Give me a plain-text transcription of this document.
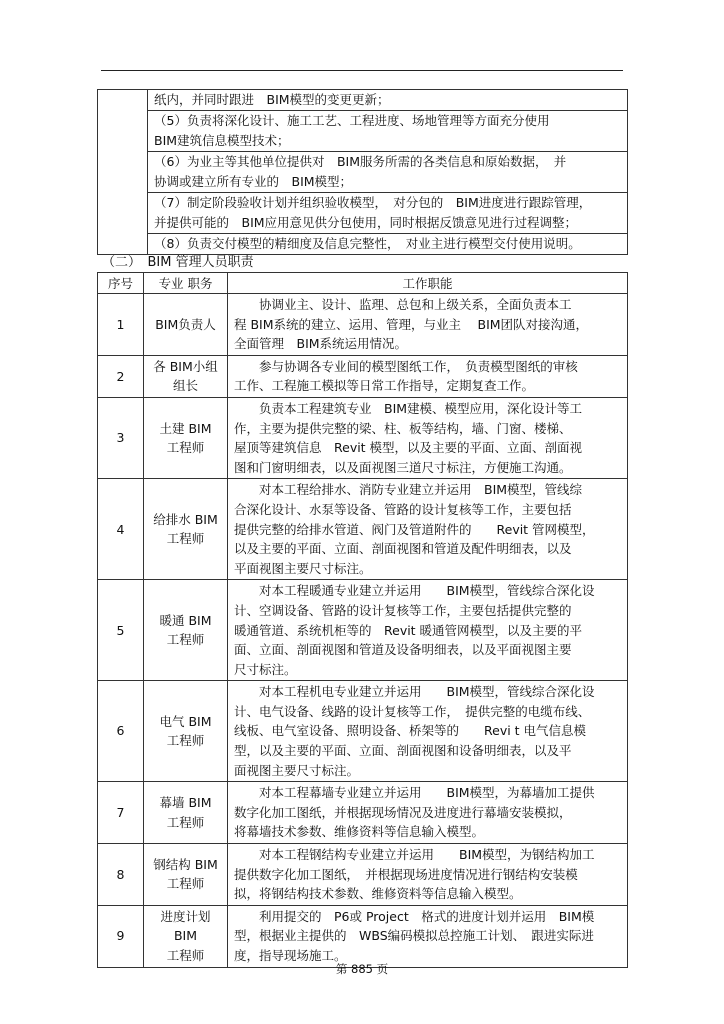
纸内，并同时跟进　BIM模型的变更更新；

（5）负责将深化设计、施工工艺、工程进度、场地管理等方面充分使用
BIM建筑信息模型技术；

（6）为业主等其他单位提供对　BIM服务所需的各类信息和原始数据，　并
协调或建立所有专业的　BIM模型；

（7）制定阶段验收计划并组织验收模型，　对分包的　BIM进度进行跟踪管理，
并提供可能的　BIM应用意见供分包使用，同时根据反馈意见进行过程调整；

（8）负责交付模型的精细度及信息完整性，　对业主进行模型交付使用说明。
（二）　BIM 管理人员职责
序号	专业 职务	工作职能
1	BIM负责人	协调业主、设计、监理、总包和上级关系，全面负责本工
程 BIM系统的建立、运用、管理，与业主　 BIM团队对接沟通，
全面管理　BIM系统运用情况。

2	各 BIM小组
组长	参与协调各专业间的模型图纸工作，　负责模型图纸的审核
工作、工程施工模拟等日常工作指导，定期复查工作。

3	土建 BIM
工程师	负责本工程建筑专业　BIM建模、模型应用，深化设计等工
作，主要为提供完整的梁、柱、板等结构，墙、门窗、楼梯、
屋顶等建筑信息　Revit 模型，以及主要的平面、立面、剖面视
图和门窗明细表，以及面视图三道尺寸标注，方便施工沟通。

4	给排水 BIM
工程师	对本工程给排水、消防专业建立并运用　BIM模型，管线综
合深化设计、水泵等设备、管路的设计复核等工作，主要包括
提供完整的给排水管道、阀门及管道附件的　　Revit 管网模型，
以及主要的平面、立面、剖面视图和管道及配件明细表，以及
平面视图主要尺寸标注。

5	暖通 BIM
工程师	对本工程暖通专业建立并运用　　BIM模型，管线综合深化设
计、空调设备、管路的设计复核等工作，主要包括提供完整的
暖通管道、系统机柜等的　Revit 暖通管网模型，以及主要的平
面、立面、剖面视图和管道及设备明细表，以及平面视图主要
尺寸标注。

6	电气 BIM
工程师	对本工程机电专业建立并运用　　BIM模型，管线综合深化设
计、电气设备、线路的设计复核等工作，　提供完整的电缆布线、
线板、电气室设备、照明设备、桥架等的　　Revi t 电气信息模
型，以及主要的平面、立面、剖面视图和设备明细表，以及平
面视图主要尺寸标注。

7	幕墙 BIM
工程师	对本工程幕墙专业建立并运用　　BIM模型，为幕墙加工提供
数字化加工图纸，并根据现场情况及进度进行幕墙安装模拟，
将幕墙技术参数、维修资料等信息输入模型。

8	钢结构 BIM
工程师	对本工程钢结构专业建立并运用　　BIM模型，为钢结构加工
提供数字化加工图纸，　并根据现场进度情况进行钢结构安装模
拟，将钢结构技术参数、维修资料等信息输入模型。

9	进度计划
BIM
工程师	利用提交的　P6或 Project　格式的进度计划并运用　BIM模
型，根据业主提供的　WBS编码模拟总控施工计划、　跟进实际进
度，指导现场施工。
第 885 页
